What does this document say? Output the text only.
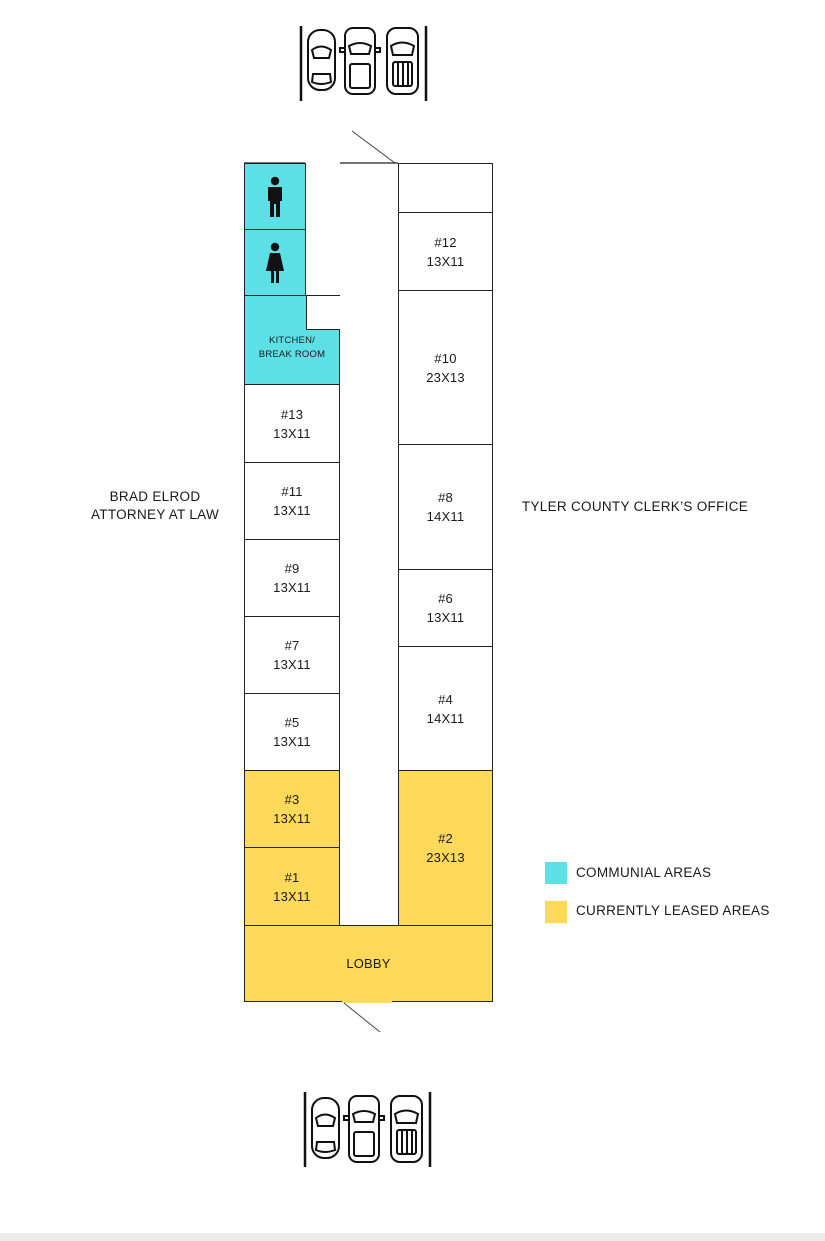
KITCHEN/
BREAK ROOM
#13
13X11
#11
13X11
#9
13X11
#7
13X11
#5
13X11
#3
13X11
#1
13X11
#12
13X11
#10
23X13
#8
14X11
#6
13X11
#4
14X11
#2
23X13
LOBBY
BRAD ELROD
ATTORNEY AT LAW
TYLER COUNTY CLERK’S OFFICE
COMMUNIAL AREAS
CURRENTLY LEASED AREAS
